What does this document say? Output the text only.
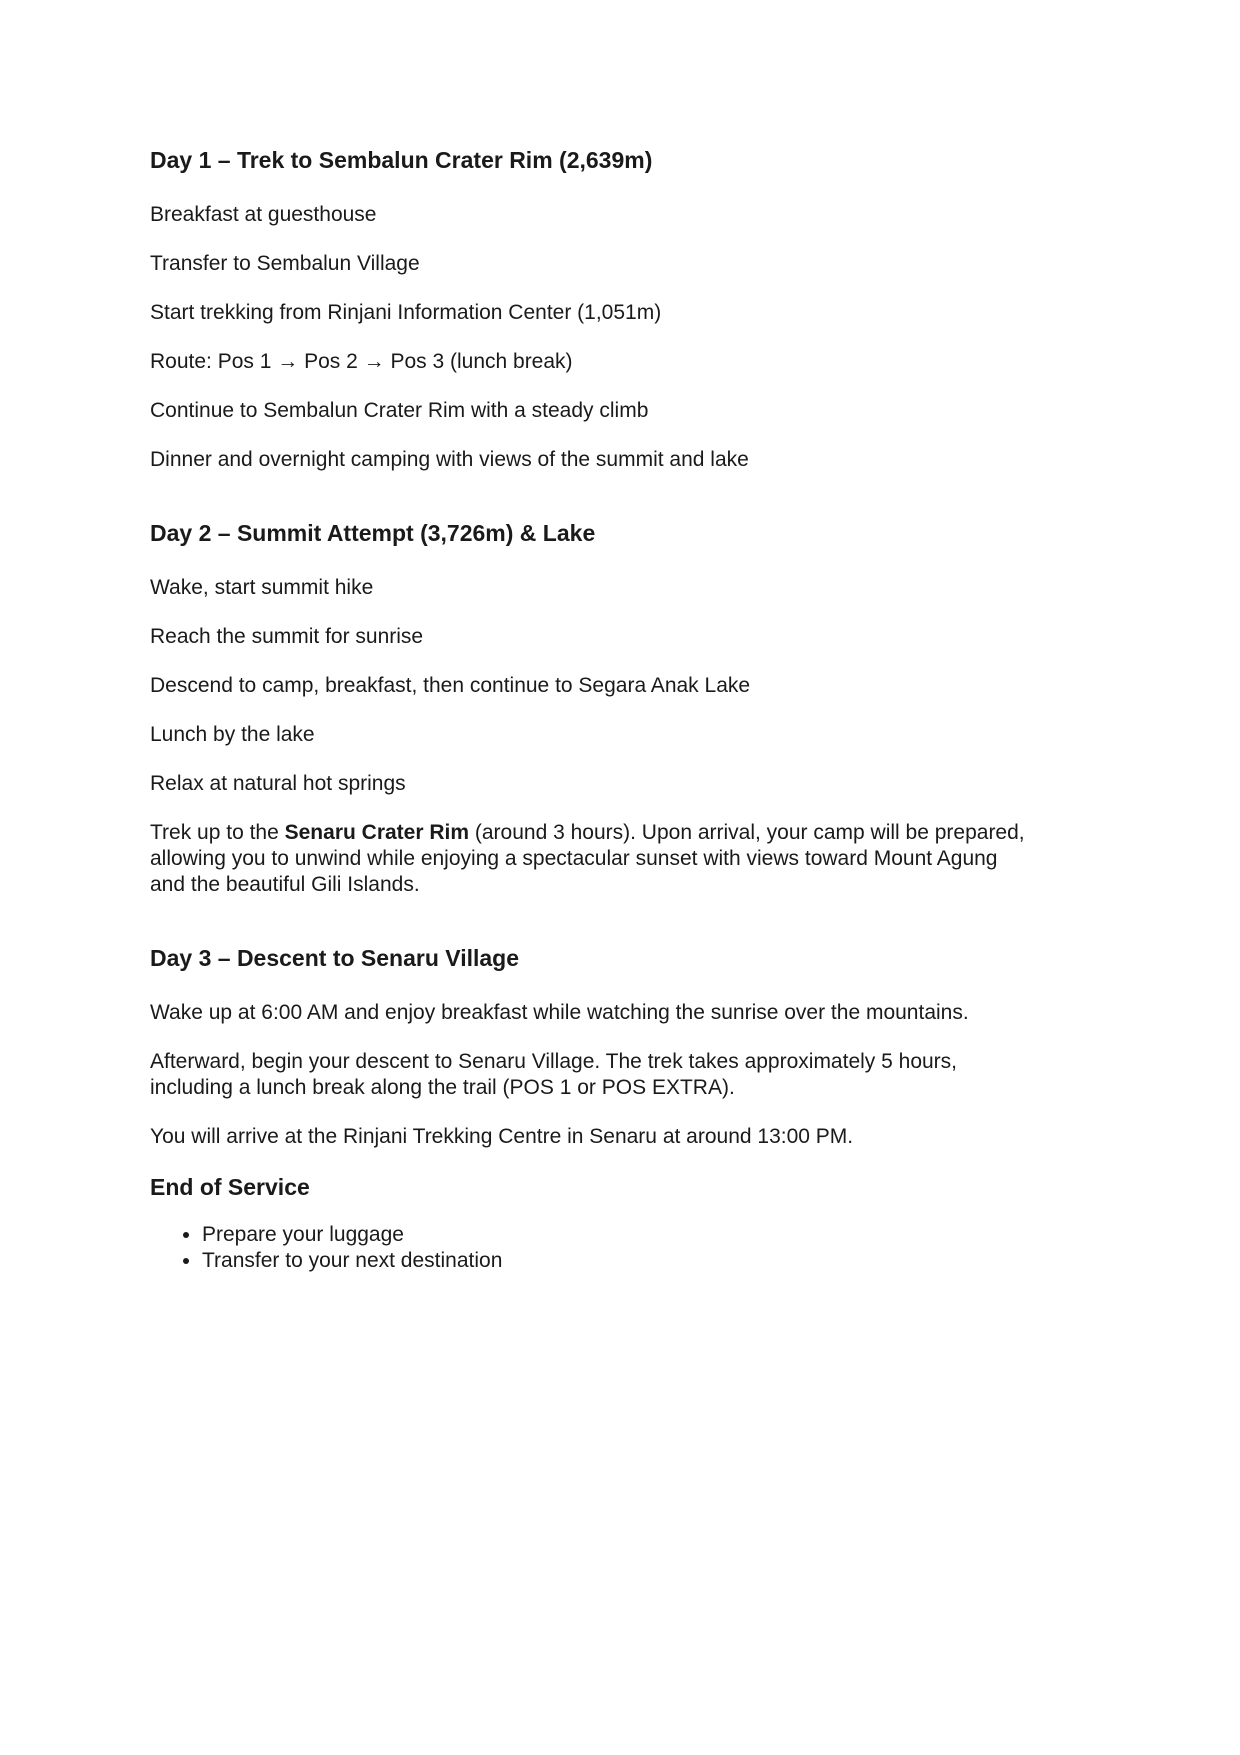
Day 1 – Trek to Sembalun Crater Rim (2,639m)

Breakfast at guesthouse

Transfer to Sembalun Village

Start trekking from Rinjani Information Center (1,051m)

Route: Pos 1 → Pos 2 → Pos 3 (lunch break)

Continue to Sembalun Crater Rim with a steady climb

Dinner and overnight camping with views of the summit and lake

Day 2 – Summit Attempt (3,726m) & Lake

Wake, start summit hike

Reach the summit for sunrise

Descend to camp, breakfast, then continue to Segara Anak Lake

Lunch by the lake

Relax at natural hot springs

Trek up to the Senaru Crater Rim (around 3 hours). Upon arrival, your camp will be prepared, allowing you to unwind while enjoying a spectacular sunset with views toward Mount Agung and the beautiful Gili Islands.

Day 3 – Descent to Senaru Village

Wake up at 6:00 AM and enjoy breakfast while watching the sunrise over the mountains.

Afterward, begin your descent to Senaru Village. The trek takes approximately 5 hours, including a lunch break along the trail (POS 1 or POS EXTRA).

You will arrive at the Rinjani Trekking Centre in Senaru at around 13:00 PM.

End of Service

• Prepare your luggage
• Transfer to your next destination
